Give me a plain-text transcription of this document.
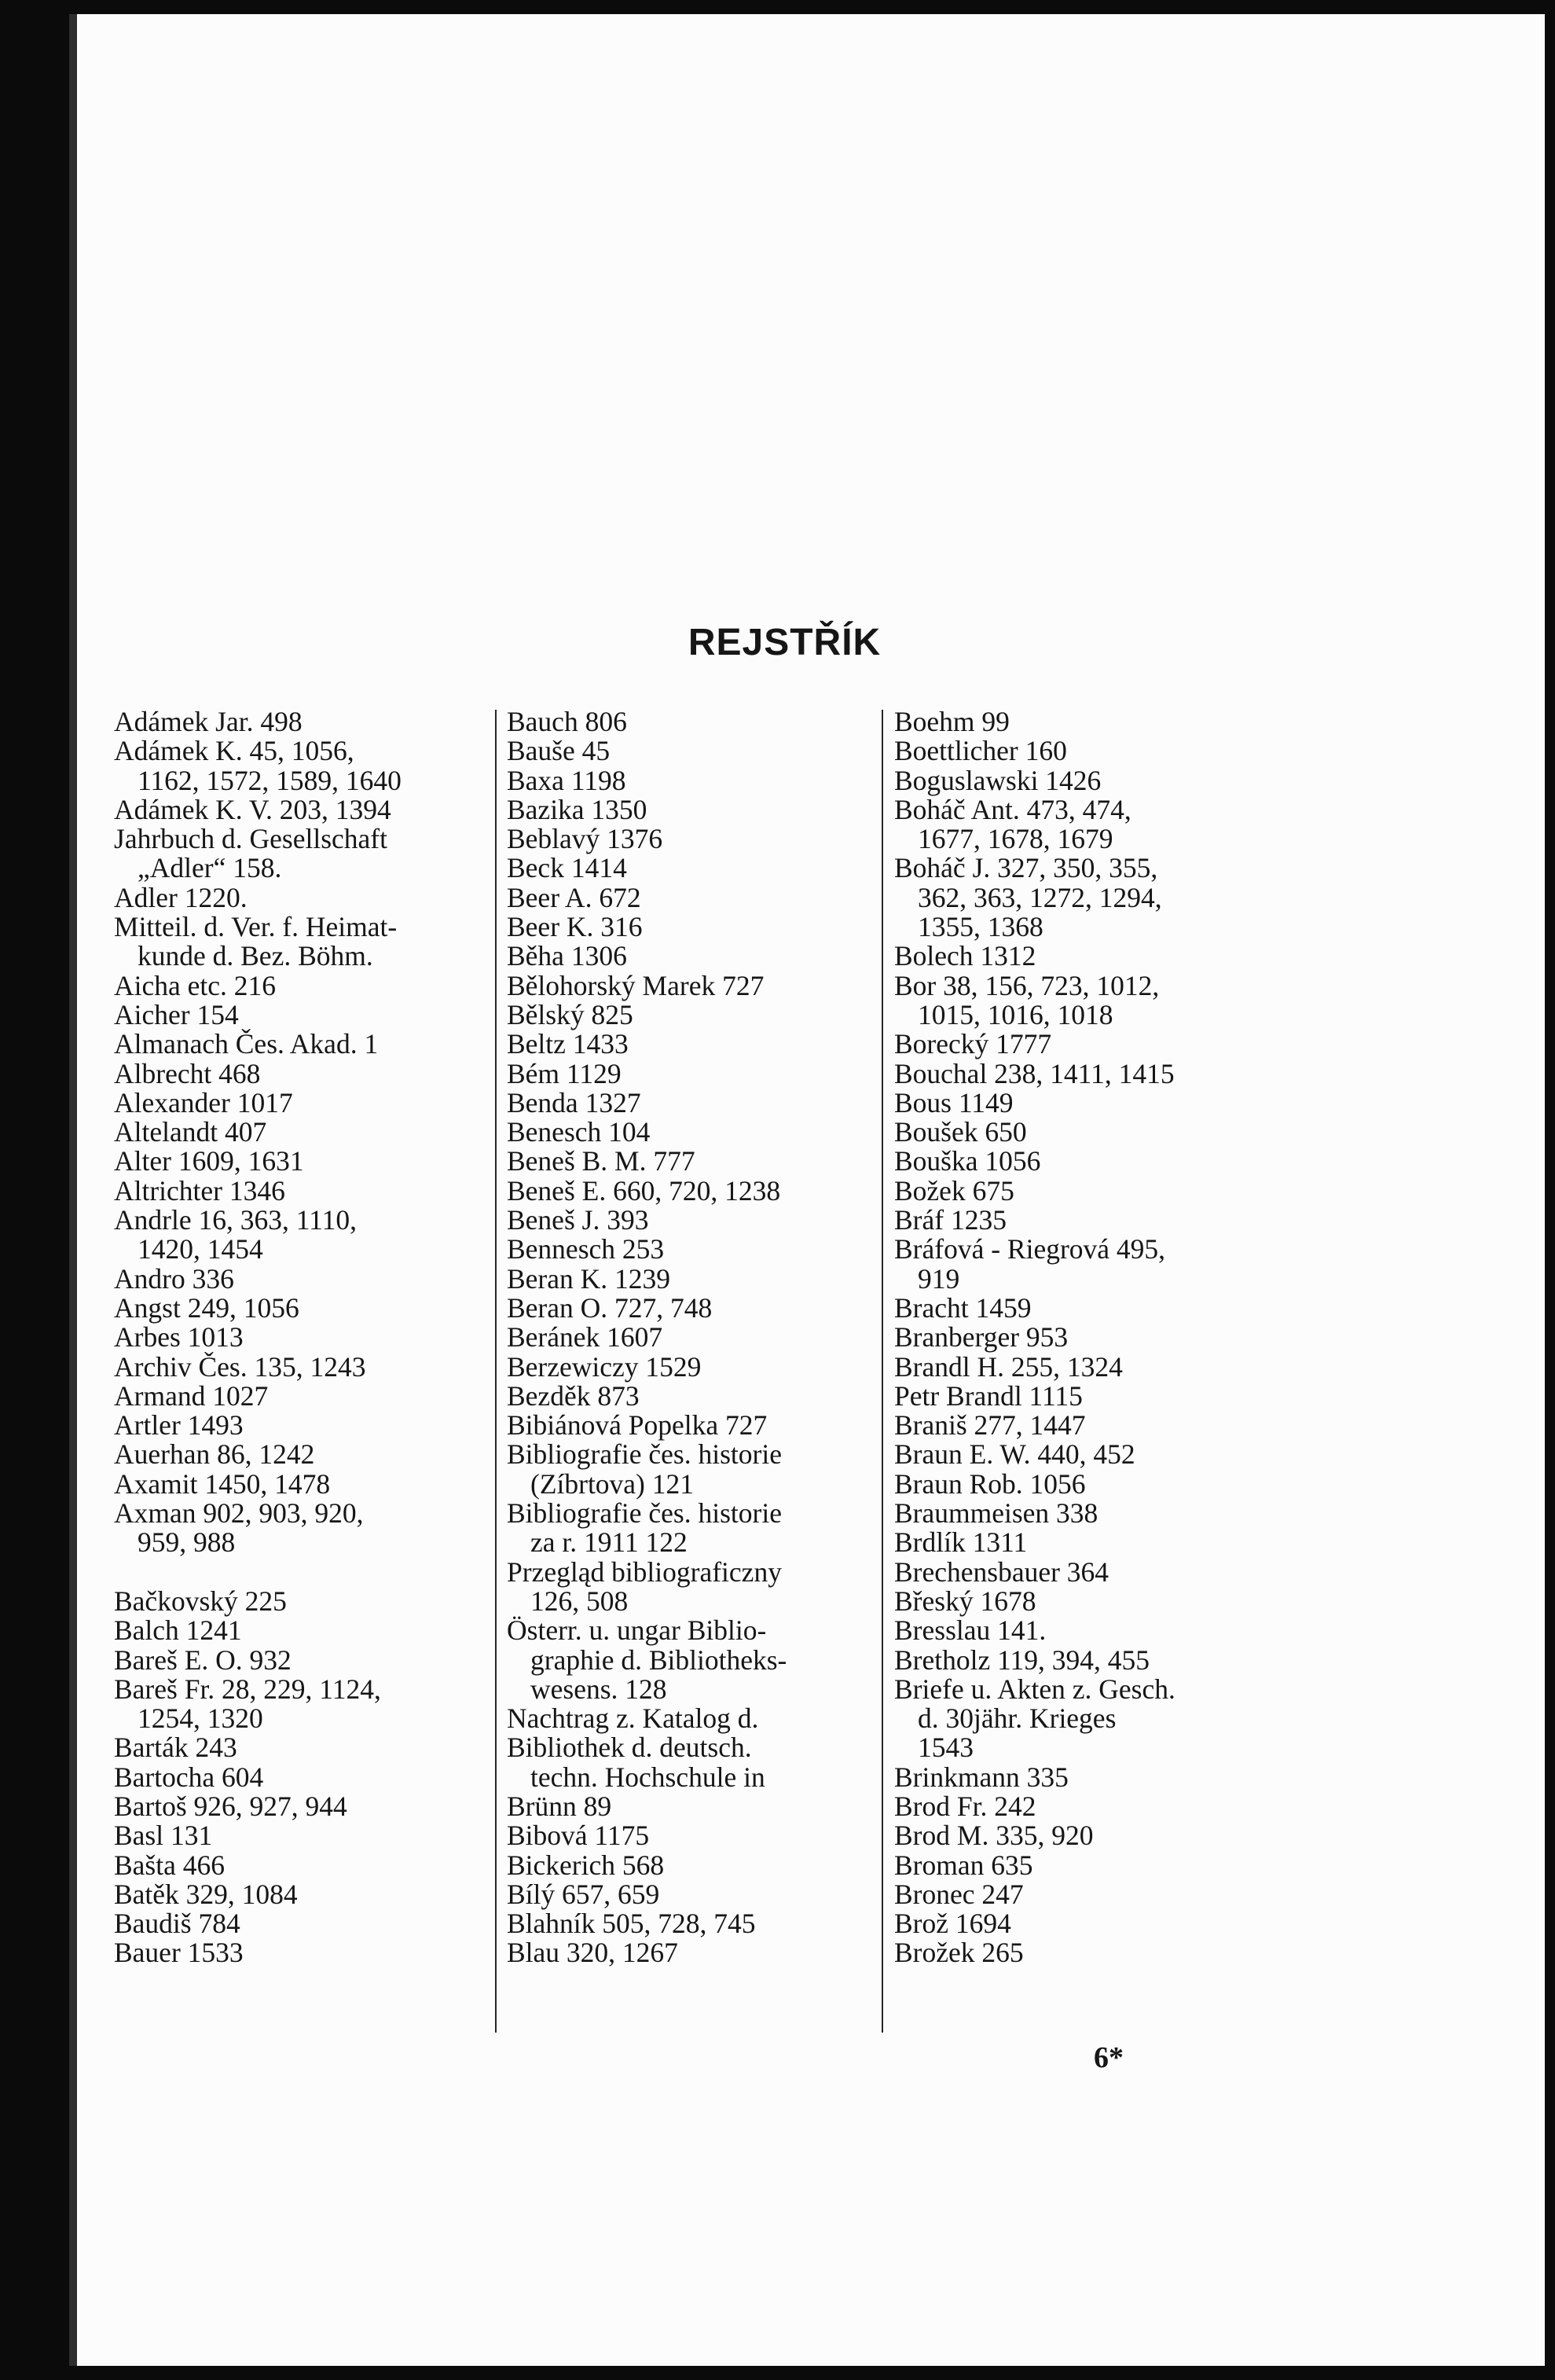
REJSTŘÍK
Adámek Jar. 498
Adámek K. 45, 1056,
1162, 1572, 1589, 1640
Adámek K. V. 203, 1394
Jahrbuch d. Gesellschaft
„Adler“ 158.
Adler 1220.
Mitteil. d. Ver. f. Heimat-
kunde d. Bez. Böhm.
Aicha etc. 216
Aicher 154
Almanach Čes. Akad. 1
Albrecht 468
Alexander 1017
Altelandt 407
Alter 1609, 1631
Altrichter 1346
Andrle 16, 363, 1110,
1420, 1454
Andro 336
Angst 249, 1056
Arbes 1013
Archiv Čes. 135, 1243
Armand 1027
Artler 1493
Auerhan 86, 1242
Axamit 1450, 1478
Axman 902, 903, 920,
959, 988
Bačkovský 225
Balch 1241
Bareš E. O. 932
Bareš Fr. 28, 229, 1124,
1254, 1320
Barták 243
Bartocha 604
Bartoš 926, 927, 944
Basl 131
Bašta 466
Batěk 329, 1084
Baudiš 784
Bauer 1533
Bauch 806
Bauše 45
Baxa 1198
Bazika 1350
Beblavý 1376
Beck 1414
Beer A. 672
Beer K. 316
Běha 1306
Bělohorský Marek 727
Bělský 825
Beltz 1433
Bém 1129
Benda 1327
Benesch 104
Beneš B. M. 777
Beneš E. 660, 720, 1238
Beneš J. 393
Bennesch 253
Beran K. 1239
Beran O. 727, 748
Beránek 1607
Berzewiczy 1529
Bezděk 873
Bibiánová Popelka 727
Bibliografie čes. historie
(Zíbrtova) 121
Bibliografie čes. historie
za r. 1911 122
Przegląd bibliograficzny
126, 508
Österr. u. ungar Biblio-
graphie d. Bibliotheks-
wesens. 128
Nachtrag z. Katalog d.
Bibliothek d. deutsch.
techn. Hochschule in
Brünn 89
Bibová 1175
Bickerich 568
Bílý 657, 659
Blahník 505, 728, 745
Blau 320, 1267
Boehm 99
Boettlicher 160
Boguslawski 1426
Boháč Ant. 473, 474,
1677, 1678, 1679
Boháč J. 327, 350, 355,
362, 363, 1272, 1294,
1355, 1368
Bolech 1312
Bor 38, 156, 723, 1012,
1015, 1016, 1018
Borecký 1777
Bouchal 238, 1411, 1415
Bous 1149
Boušek 650
Bouška 1056
Božek 675
Bráf 1235
Bráfová - Riegrová 495,
919
Bracht 1459
Branberger 953
Brandl H. 255, 1324
Petr Brandl 1115
Braniš 277, 1447
Braun E. W. 440, 452
Braun Rob. 1056
Braummeisen 338
Brdlík 1311
Brechensbauer 364
Břeský 1678
Bresslau 141.
Bretholz 119, 394, 455
Briefe u. Akten z. Gesch.
d. 30jähr. Krieges
1543
Brinkmann 335
Brod Fr. 242
Brod M. 335, 920
Broman 635
Bronec 247
Brož 1694
Brožek 265
6*
